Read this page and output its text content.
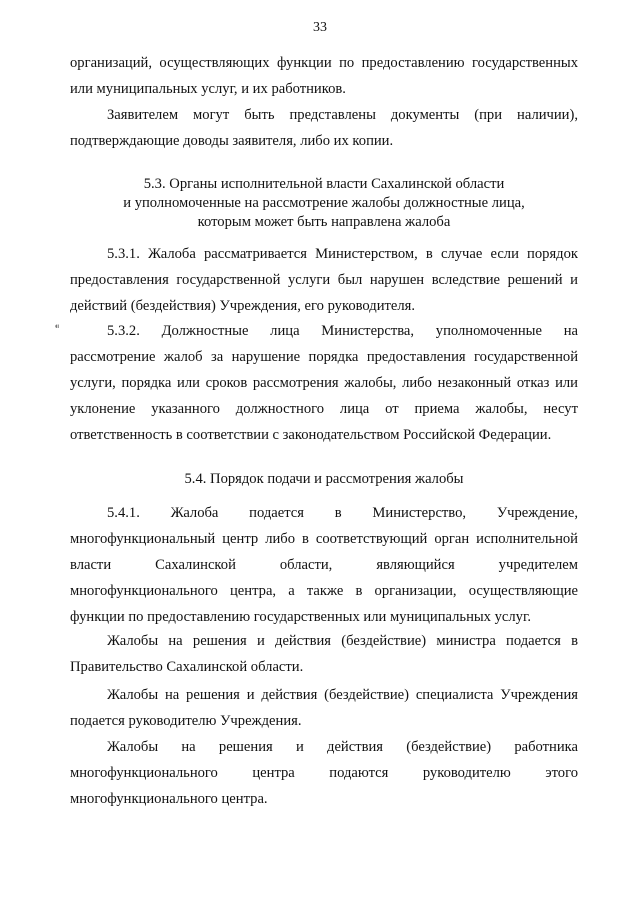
33
организаций, осуществляющих функции по предоставлению государственных
или муниципальных услуг, и их работников.
Заявителем могут быть представлены документы (при наличии),
подтверждающие доводы заявителя, либо их копии.
5.3. Органы исполнительной власти Сахалинской области
и уполномоченные на рассмотрение жалобы должностные лица,
которым может быть направлена жалоба
5.3.1. Жалоба рассматривается Министерством, в случае если порядок
предоставления государственной услуги был нарушен вследствие решений и
действий (бездействия) Учреждения, его руководителя.
⁌	5.3.2. Должностные лица Министерства, уполномоченные на
рассмотрение жалоб за нарушение порядка предоставления государственной
услуги, порядка или сроков рассмотрения жалобы, либо незаконный отказ или
уклонение указанного должностного лица от приема жалобы, несут
ответственность в соответствии с законодательством Российской Федерации.
5.4. Порядок подачи и рассмотрения жалобы
5.4.1. Жалоба подается в Министерство, Учреждение,
многофункциональный центр либо в соответствующий орган исполнительной
власти Сахалинской области, являющийся учредителем
многофункционального центра, а также в организации, осуществляющие
функции по предоставлению государственных или муниципальных услуг.
Жалобы на решения и действия (бездействие) министра подается в
Правительство Сахалинской области.
Жалобы на решения и действия (бездействие) специалиста Учреждения
подается руководителю Учреждения.
Жалобы на решения и действия (бездействие) работника
многофункционального центра подаются руководителю этого
многофункционального центра.
